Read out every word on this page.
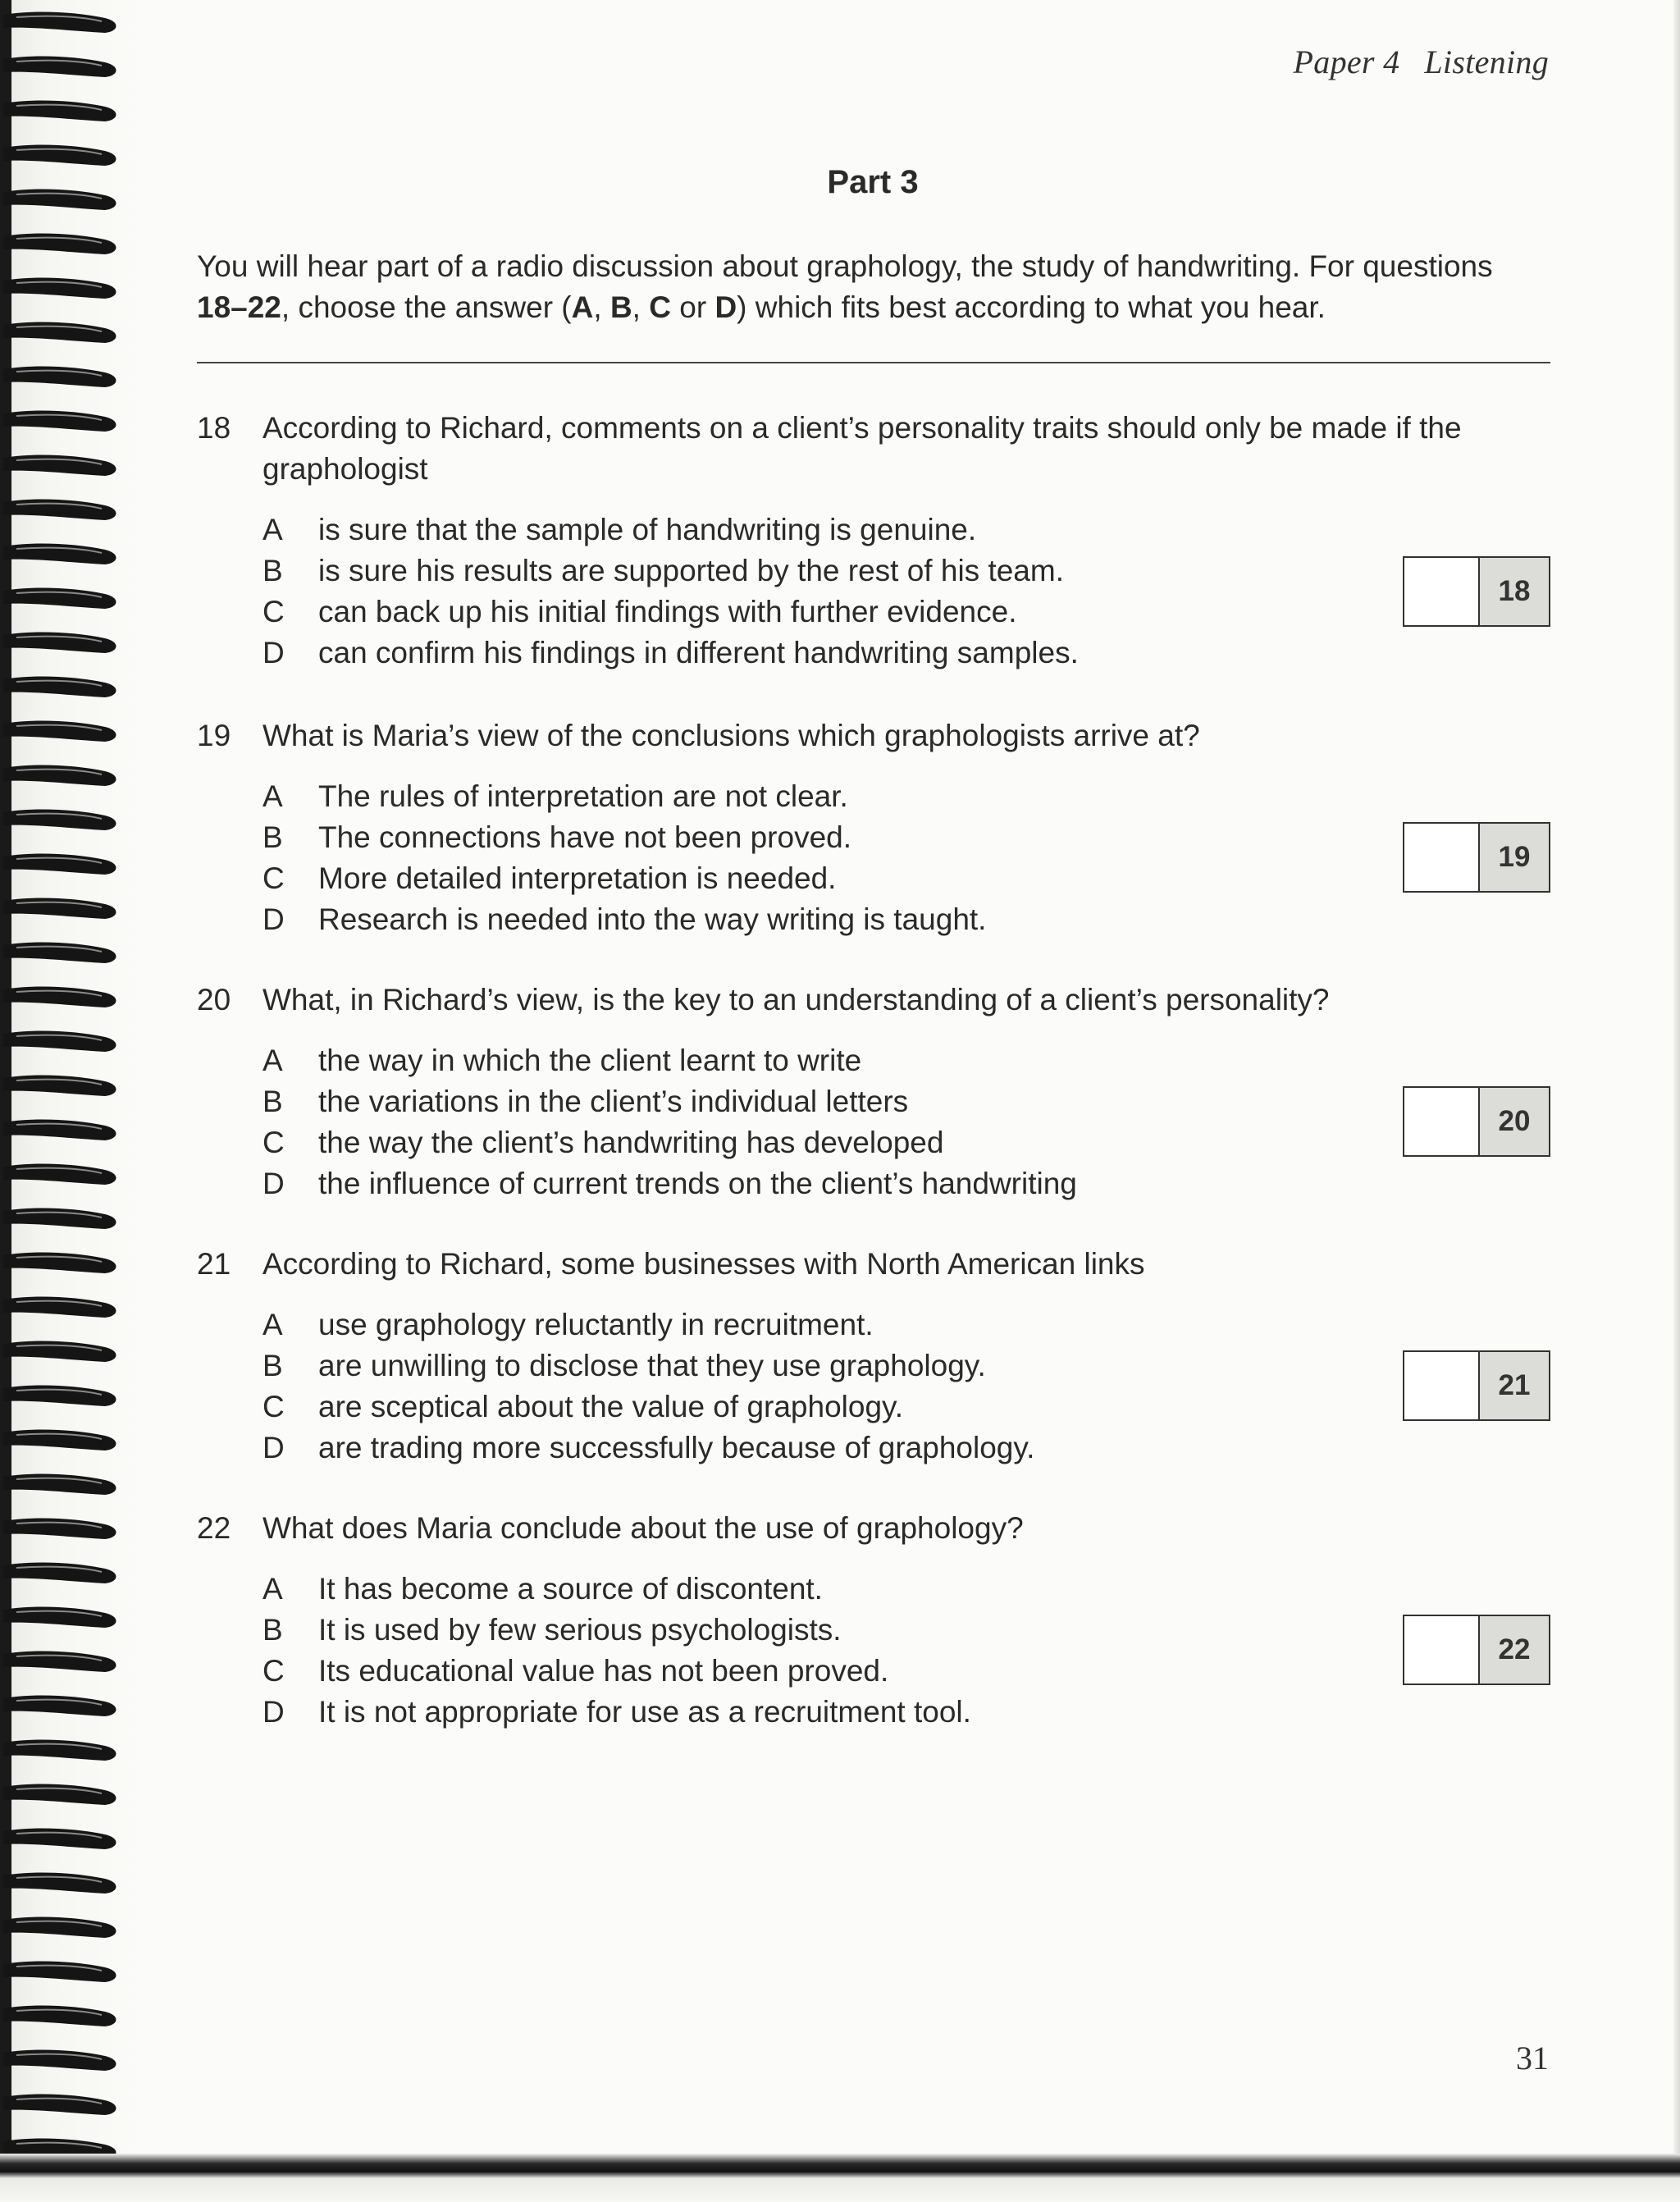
Paper 4 Listening
Part 3
You will hear part of a radio discussion about graphology, the study of handwriting. For questions 18–22, choose the answer (A, B, C or D) which fits best according to what you hear.
18	According to Richard, comments on a client’s personality traits should only be made if the graphologist
A is sure that the sample of handwriting is genuine.
B is sure his results are supported by the rest of his team.
C can back up his initial findings with further evidence.
D can confirm his findings in different handwriting samples.
18
19	What is Maria’s view of the conclusions which graphologists arrive at?
A The rules of interpretation are not clear.
B The connections have not been proved.
C More detailed interpretation is needed.
D Research is needed into the way writing is taught.
19
20	What, in Richard’s view, is the key to an understanding of a client’s personality?
A the way in which the client learnt to write
B the variations in the client’s individual letters
C the way the client’s handwriting has developed
D the influence of current trends on the client’s handwriting
20
21	According to Richard, some businesses with North American links
A use graphology reluctantly in recruitment.
B are unwilling to disclose that they use graphology.
C are sceptical about the value of graphology.
D are trading more successfully because of graphology.
21
22	What does Maria conclude about the use of graphology?
A It has become a source of discontent.
B It is used by few serious psychologists.
C Its educational value has not been proved.
D It is not appropriate for use as a recruitment tool.
22
31
